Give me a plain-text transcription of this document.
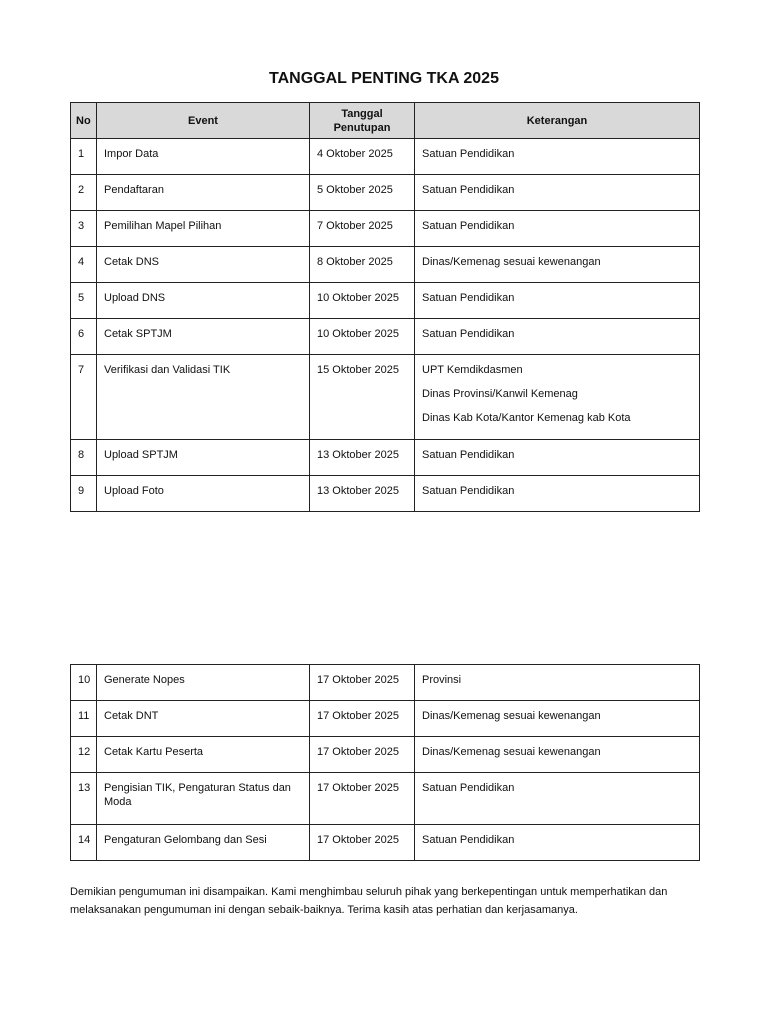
TANGGAL PENTING TKA 2025
No	Event	Tanggal Penutupan	Keterangan
1	Impor Data	4 Oktober 2025	Satuan Pendidikan

2	Pendaftaran	5 Oktober 2025	Satuan Pendidikan

3	Pemilihan Mapel Pilihan	7 Oktober 2025	Satuan Pendidikan

4	Cetak DNS	8 Oktober 2025	Dinas/Kemenag sesuai kewenangan

5	Upload DNS	10 Oktober 2025	Satuan Pendidikan

6	Cetak SPTJM	10 Oktober 2025	Satuan Pendidikan

7	Verifikasi dan Validasi TIK	15 Oktober 2025	UPT Kemdikdasmen
Dinas Provinsi/Kanwil Kemenag
Dinas Kab Kota/Kantor Kemenag kab Kota

8	Upload SPTJM	13 Oktober 2025	Satuan Pendidikan

9	Upload Foto	13 Oktober 2025	Satuan Pendidikan
10	Generate Nopes	17 Oktober 2025	Provinsi

11	Cetak DNT	17 Oktober 2025	Dinas/Kemenag sesuai kewenangan

12	Cetak Kartu Peserta	17 Oktober 2025	Dinas/Kemenag sesuai kewenangan

13	Pengisian TIK, Pengaturan Status dan Moda	17 Oktober 2025	Satuan Pendidikan

14	Pengaturan Gelombang dan Sesi	17 Oktober 2025	Satuan Pendidikan
Demikian pengumuman ini disampaikan. Kami menghimbau seluruh pihak yang berkepentingan untuk memperhatikan dan melaksanakan pengumuman ini dengan sebaik-baiknya. Terima kasih atas perhatian dan kerjasamanya.
